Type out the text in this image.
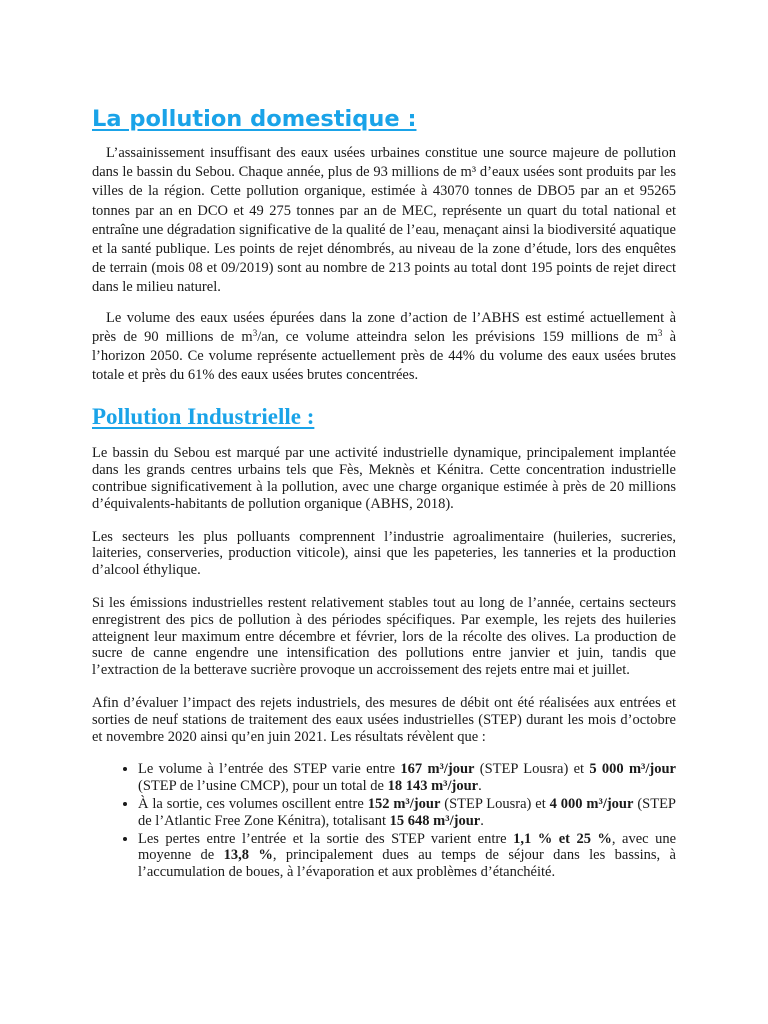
La pollution domestique :

L’assainissement insuffisant des eaux usées urbaines constitue une source majeure de pollution dans le bassin du Sebou. Chaque année, plus de 93 millions de m³ d’eaux usées sont produits par les villes de la région. Cette pollution organique, estimée à 43070 tonnes de DBO5 par an et 95265 tonnes par an en DCO et 49 275 tonnes par an de MEC, représente un quart du total national et entraîne une dégradation significative de la qualité de l’eau, menaçant ainsi la biodiversité aquatique et la santé publique. Les points de rejet dénombrés, au niveau de la zone d’étude, lors des enquêtes de terrain (mois 08 et 09/2019) sont au nombre de 213 points au total dont 195 points de rejet direct dans le milieu naturel.

Le volume des eaux usées épurées dans la zone d’action de l’ABHS est estimé actuellement à près de 90 millions de $m^3/an$, ce volume atteindra selon les prévisions 159 millions de $m^3$ à l’horizon 2050. Ce volume représente actuellement près de 44% du volume des eaux usées brutes totale et près du 61% des eaux usées brutes concentrées.

Pollution Industrielle :

Le bassin du Sebou est marqué par une activité industrielle dynamique, principalement implantée dans les grands centres urbains tels que Fès, Meknès et Kénitra. Cette concentration industrielle contribue significativement à la pollution, avec une charge organique estimée à près de 20 millions d’équivalents-habitants de pollution organique (ABHS, 2018).

Les secteurs les plus polluants comprennent l’industrie agroalimentaire (huileries, sucreries, laiteries, conserveries, production viticole), ainsi que les papeteries, les tanneries et la production d’alcool éthylique.

Si les émissions industrielles restent relativement stables tout au long de l’année, certains secteurs enregistrent des pics de pollution à des périodes spécifiques. Par exemple, les rejets des huileries atteignent leur maximum entre décembre et février, lors de la récolte des olives. La production de sucre de canne engendre une intensification des pollutions entre janvier et juin, tandis que l’extraction de la betterave sucrière provoque un accroissement des rejets entre mai et juillet.

Afin d’évaluer l’impact des rejets industriels, des mesures de débit ont été réalisées aux entrées et sorties de neuf stations de traitement des eaux usées industrielles (STEP) durant les mois d’octobre et novembre 2020 ainsi qu’en juin 2021. Les résultats révèlent que :

• Le volume à l’entrée des STEP varie entre 167 m³/jour (STEP Lousra) et 5 000 m³/jour (STEP de l’usine CMCP), pour un total de 18 143 m³/jour.
• À la sortie, ces volumes oscillent entre 152 m³/jour (STEP Lousra) et 4 000 m³/jour (STEP de l’Atlantic Free Zone Kénitra), totalisant 15 648 m³/jour.
• Les pertes entre l’entrée et la sortie des STEP varient entre 1,1 % et 25 %, avec une moyenne de 13,8 %, principalement dues au temps de séjour dans les bassins, à l’accumulation de boues, à l’évaporation et aux problèmes d’étanchéité.
